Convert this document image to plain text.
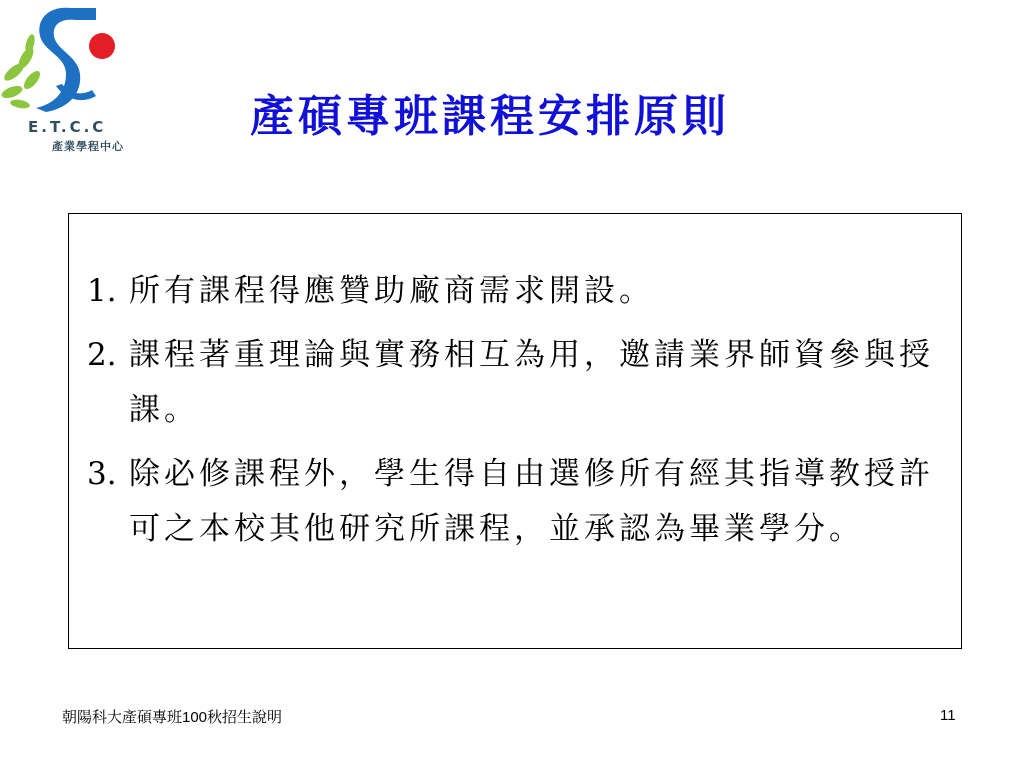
E.T.C.C
產業學程中心
產碩專班課程安排原則
1. 所有課程得應贊助廠商需求開設。
2. 課程著重理論與實務相互為用，邀請業界師資參與授課。
3. 除必修課程外，學生得自由選修所有經其指導教授許可之本校其他研究所課程，並承認為畢業學分。
朝陽科大產碩專班100秋招生說明	11
